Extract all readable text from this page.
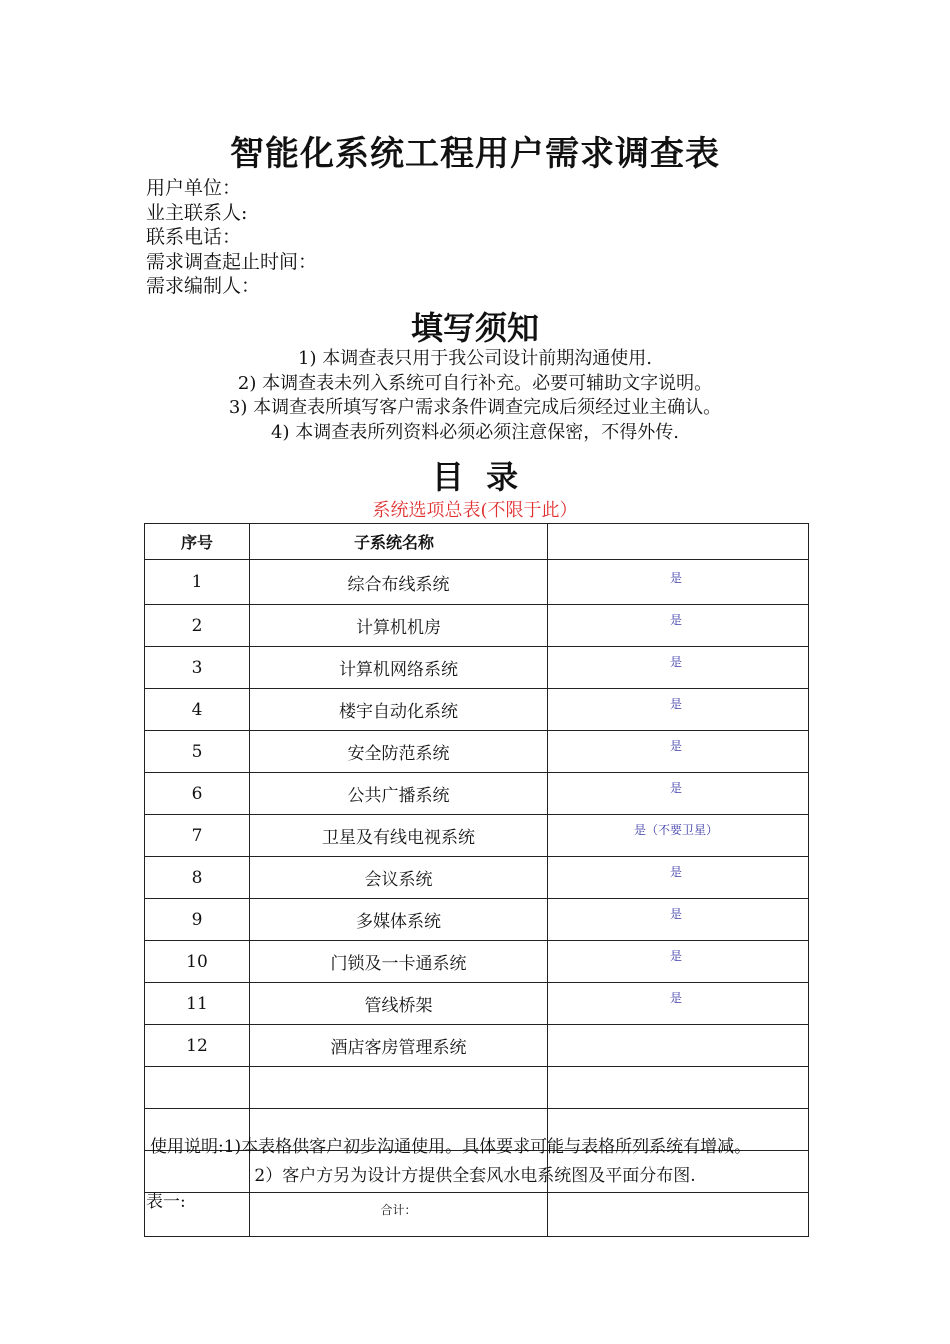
智能化系统工程用户需求调查表
用户单位：
业主联系人:
联系电话：
需求调查起止时间：
需求编制人：
填写须知
1) 本调查表只用于我公司设计前期沟通使用.
2) 本调查表未列入系统可自行补充。必要可辅助文字说明。
3) 本调查表所填写客户需求条件调查完成后须经过业主确认。
4) 本调查表所列资料必须必须注意保密，不得外传.
目  录
系统选项总表(不限于此）
序号	子系统名称	
1	综合布线系统	是
2	计算机机房	是
3	计算机网络系统	是
4	楼宇自动化系统	是
5	安全防范系统	是
6	公共广播系统	是
7	卫星及有线电视系统	是（不要卫星）
8	会议系统	是
9	多媒体系统	是
10	门锁及一卡通系统	是
11	管线桥架	是
12	酒店客房管理系统	

	合计：	
使用说明:1)本表格供客户初步沟通使用。具体要求可能与表格所列系统有增减。
2）客户方另为设计方提供全套风水电系统图及平面分布图.
表一:
